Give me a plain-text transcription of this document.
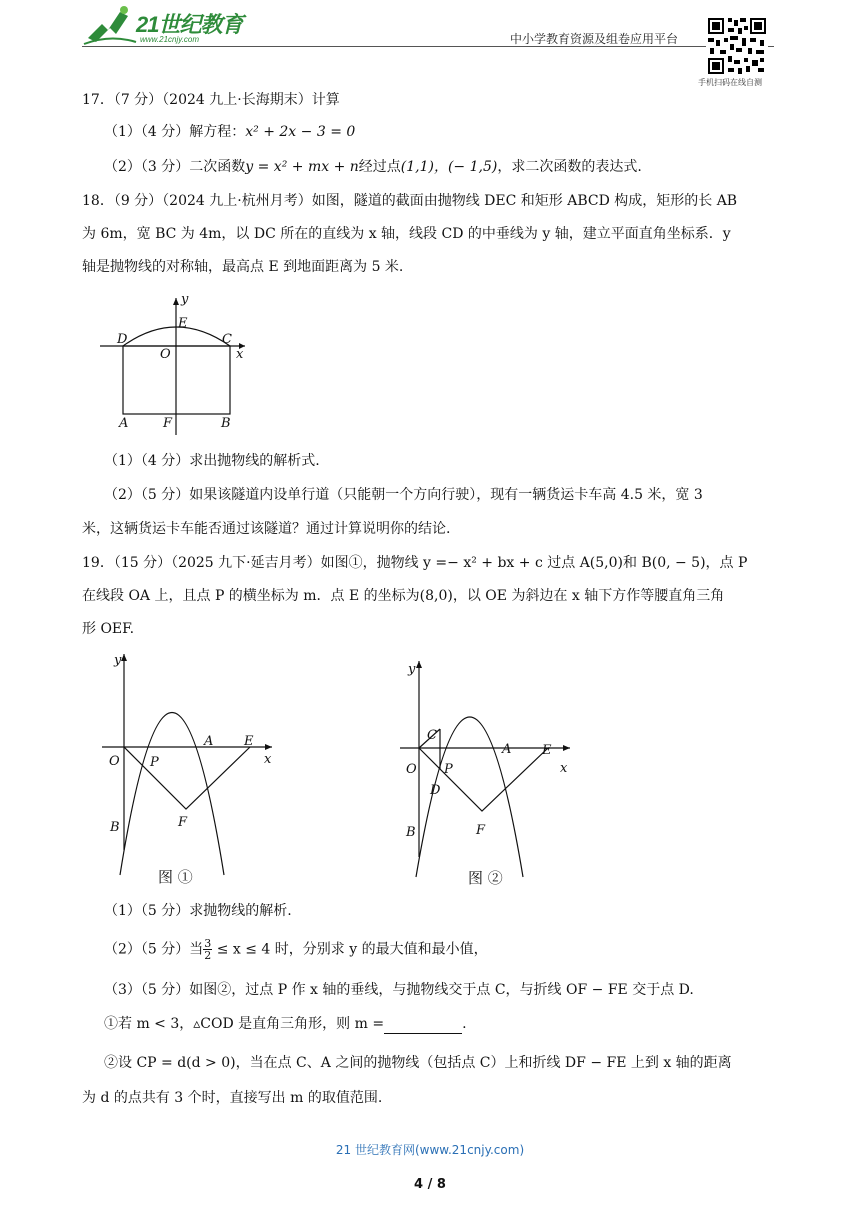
21世纪教育
www.21cnjy.com	中小学教育资源及组卷应用平台
手机扫码在线自测
17．（7 分）（2024 九上·长海期末）计算
（1）（4 分）解方程：x² + 2x − 3 = 0
（2）（3 分）二次函数y = x² + mx + n经过点(1,1)，(− 1,5)，求二次函数的表达式.
18．（9 分）（2024 九上·杭州月考）如图，隧道的截面由抛物线 DEC 和矩形 ABCD 构成，矩形的长 AB
为 6m，宽 BC 为 4m，以 DC 所在的直线为 x 轴，线段 CD 的中垂线为 y 轴，建立平面直角坐标系．y
轴是抛物线的对称轴，最高点 E 到地面距离为 5 米.
y
E
D	C
x
O
A	F	B
（1）（4 分）求出抛物线的解析式.
（2）（5 分）如果该隧道内设单行道（只能朝一个方向行驶），现有一辆货运卡车高 4.5 米，宽 3
米，这辆货运卡车能否通过该隧道？通过计算说明你的结论.
19．（15 分）（2025 九下·延吉月考）如图①，抛物线 y =− x² + bx + c 过点 A(5,0)和 B(0, − 5)，点 P
在线段 OA 上，且点 P 的横坐标为 m．点 E 的坐标为(8,0)，以 OE 为斜边在 x 轴下方作等腰直角三角
形 OEF.
y
x
O P
A E
B	F
图 ①
y
x
O
C
P
D
A E
B	F
图 ②
（1）（5 分）求抛物线的解析.
（2）（5 分）当 $\frac{3}{2} \le x \le 4$ 时，分别求 y 的最大值和最小值，
（3）（5 分）如图②，过点 P 作 x 轴的垂线，与抛物线交于点 C，与折线 OF − FE 交于点 D.
①若 m < 3，▵COD 是直角三角形，则 m =	.
②设 CP = d(d > 0)，当在点 C、A 之间的抛物线（包括点 C）上和折线 DF − FE 上到 x 轴的距离
为 d 的点共有 3 个时，直接写出 m 的取值范围.
21 世纪教育网(www.21cnjy.com)
4 / 8
